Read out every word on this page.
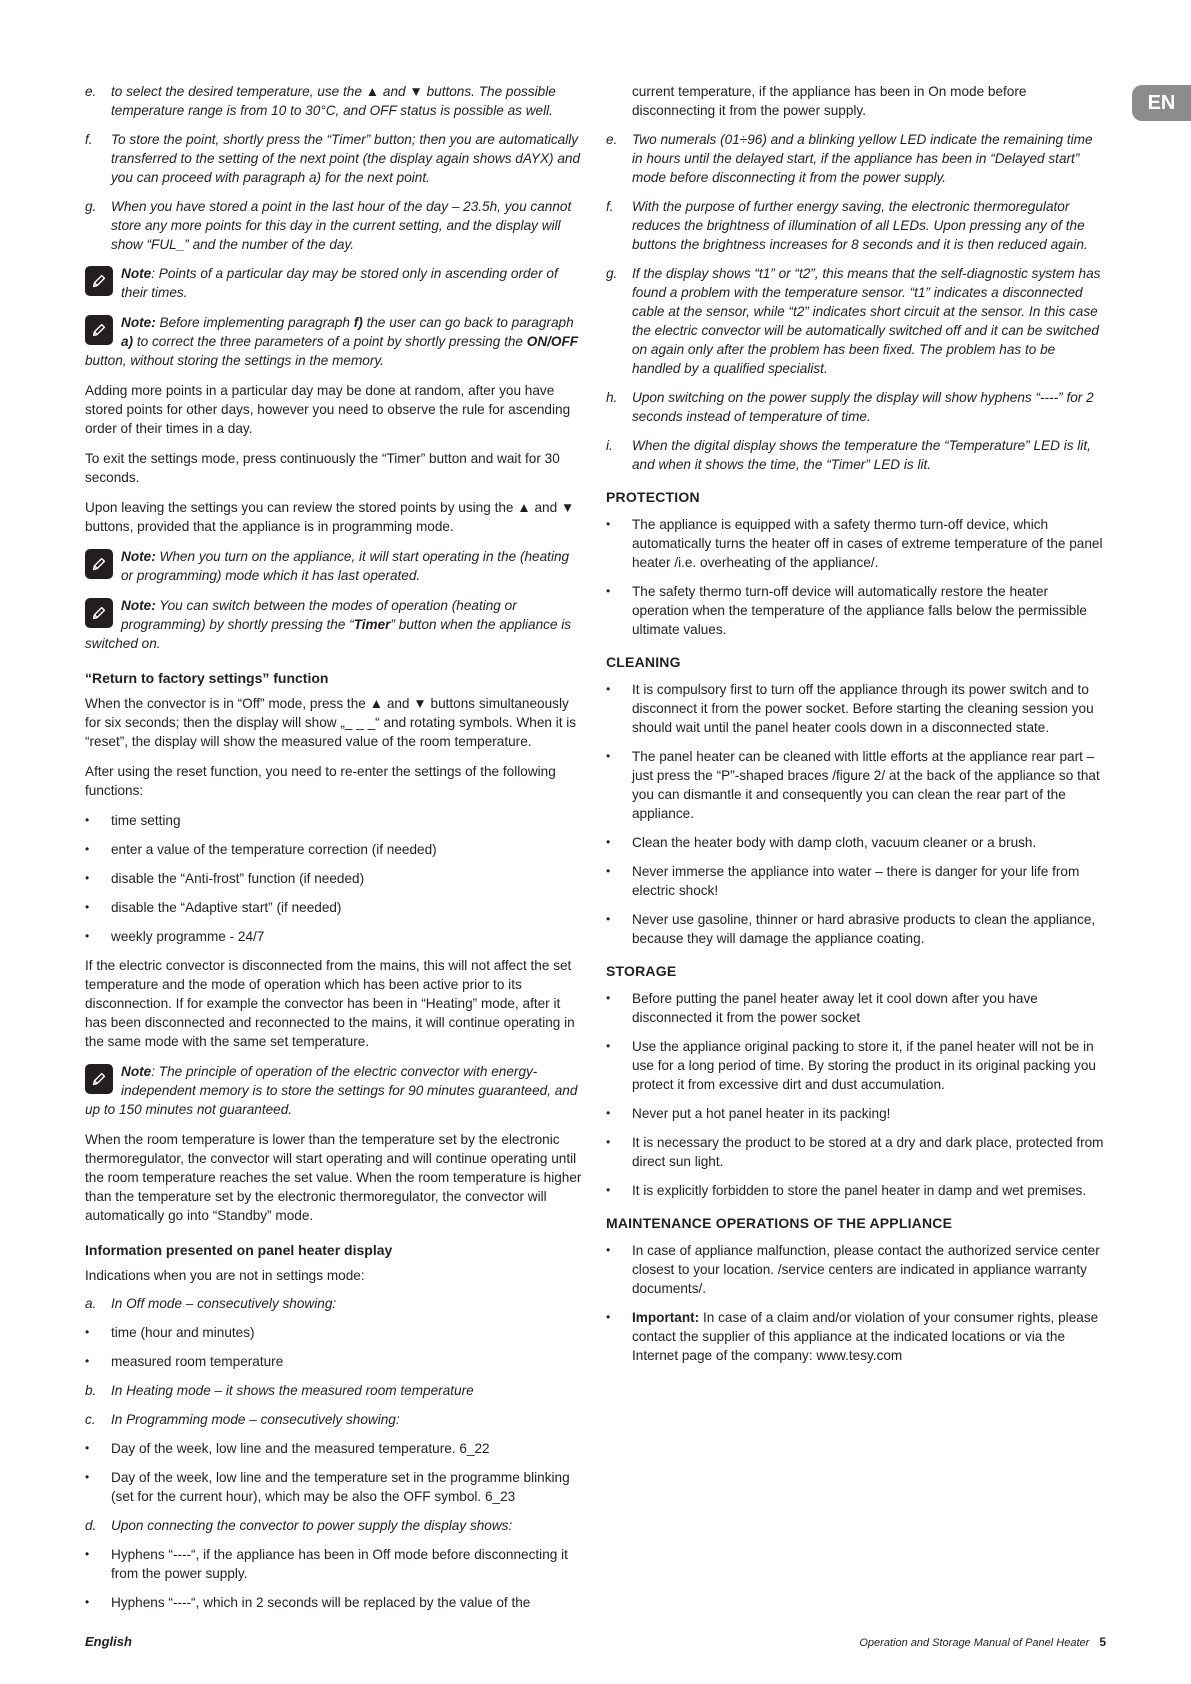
EN
e.	to select the desired temperature, use the ▲ and ▼ buttons. The possible temperature range is from 10 to 30°C, and OFF status is possible as well.
f.	To store the point, shortly press the “Timer” button; then you are automatically transferred to the setting of the next point (the display again shows dAYX) and you can proceed with paragraph a) for the next point.
g.	When you have stored a point in the last hour of the day – 23.5h, you cannot store any more points for this day in the current setting, and the display will show “FUL_” and the number of the day.
Note: Points of a particular day may be stored only in ascending order of their times.
Note: Before implementing paragraph f) the user can go back to paragraph a) to correct the three parameters of a point by shortly pressing the ON/OFF button, without storing the settings in the memory.

Adding more points in a particular day may be done at random, after you have stored points for other days, however you need to observe the rule for ascending order of their times in a day.

To exit the settings mode, press continuously the “Timer” button and wait for 30 seconds.

Upon leaving the settings you can review the stored points by using the ▲ and ▼ buttons, provided that the appliance is in programming mode.

Note: When you turn on the appliance, it will start operating in the (heating or programming) mode which it has last operated.
Note: You can switch between the modes of operation (heating or programming) by shortly pressing the “Timer” button when the appliance is switched on.
“Return to factory settings” function

When the convector is in “Off” mode, press the ▲ and ▼ buttons simultaneously for six seconds; then the display will show „_ _ _“ and rotating symbols. When it is “reset”, the display will show the measured value of the room temperature.

After using the reset function, you need to re-enter the settings of the following functions:

•	time setting
•	enter a value of the temperature correction (if needed)
•	disable the “Anti-frost” function (if needed)
•	disable the “Adaptive start” (if needed)
•	weekly programme - 24/7

If the electric convector is disconnected from the mains, this will not affect the set temperature and the mode of operation which has been active prior to its disconnection. If for example the convector has been in “Heating” mode, after it has been disconnected and reconnected to the mains, it will continue operating in the same mode with the same set temperature.

Note: The principle of operation of the electric convector with energy-independent memory is to store the settings for 90 minutes guaranteed, and up to 150 minutes not guaranteed.

When the room temperature is lower than the temperature set by the electronic thermoregulator, the convector will start operating and will continue operating until the room temperature reaches the set value. When the room temperature is higher than the temperature set by the electronic thermoregulator, the convector will automatically go into “Standby” mode.

Information presented on panel heater display

Indications when you are not in settings mode:

a.	In Off mode – consecutively showing:
•	time (hour and minutes)
•	measured room temperature
b.	In Heating mode – it shows the measured room temperature
c.	In Programming mode – consecutively showing:
•	Day of the week, low line and the measured temperature. 6_22
•	Day of the week, low line and the temperature set in the programme blinking (set for the current hour), which may be also the OFF symbol. 6_23
d.	Upon connecting the convector to power supply the display shows:
•	Hyphens “----“, if the appliance has been in Off mode before disconnecting it from the power supply.
•	Hyphens “----“, which in 2 seconds will be replaced by the value of the
current temperature, if the appliance has been in On mode before disconnecting it from the power supply.
e.	Two numerals (01÷96) and a blinking yellow LED indicate the remaining time in hours until the delayed start, if the appliance has been in “Delayed start” mode before disconnecting it from the power supply.
f.	With the purpose of further energy saving, the electronic thermoregulator reduces the brightness of illumination of all LEDs. Upon pressing any of the buttons the brightness increases for 8 seconds and it is then reduced again.
g.	If the display shows “t1” or “t2”, this means that the self-diagnostic system has found a problem with the temperature sensor. “t1” indicates a disconnected cable at the sensor, while “t2” indicates short circuit at the sensor. In this case the electric convector will be automatically switched off and it can be switched on again only after the problem has been fixed. The problem has to be handled by a qualified specialist.
h.	Upon switching on the power supply the display will show hyphens “----” for 2 seconds instead of temperature of time.
i.	When the digital display shows the temperature the “Temperature” LED is lit, and when it shows the time, the “Timer” LED is lit.
PROTECTION
•	The appliance is equipped with a safety thermo turn-off device, which automatically turns the heater off in cases of extreme temperature of the panel heater /i.e. overheating of the appliance/.
•	The safety thermo turn-off device will automatically restore the heater operation when the temperature of the appliance falls below the permissible ultimate values.
CLEANING
•	It is compulsory first to turn off the appliance through its power switch and to disconnect it from the power socket. Before starting the cleaning session you should wait until the panel heater cools down in a disconnected state.
•	The panel heater can be cleaned with little efforts at the appliance rear part – just press the “P”-shaped braces /figure 2/ at the back of the appliance so that you can dismantle it and consequently you can clean the rear part of the appliance.
•	Clean the heater body with damp cloth, vacuum cleaner or a brush.
•	Never immerse the appliance into water – there is danger for your life from electric shock!
•	Never use gasoline, thinner or hard abrasive products to clean the appliance, because they will damage the appliance coating.
STORAGE
•	Before putting the panel heater away let it cool down after you have disconnected it from the power socket
•	Use the appliance original packing to store it, if the panel heater will not be in use for a long period of time. By storing the product in its original packing you protect it from excessive dirt and dust accumulation.
•	Never put a hot panel heater in its packing!
•	It is necessary the product to be stored at a dry and dark place, protected from direct sun light.
•	It is explicitly forbidden to store the panel heater in damp and wet premises.
MAINTENANCE OPERATIONS OF THE APPLIANCE
•	In case of appliance malfunction, please contact the authorized service center closest to your location. /service centers are indicated in appliance warranty documents/.
•	Important: In case of a claim and/or violation of your consumer rights, please contact the supplier of this appliance at the indicated locations or via the Internet page of the company: www.tesy.com
English	Operation and Storage Manual of Panel Heater 5
